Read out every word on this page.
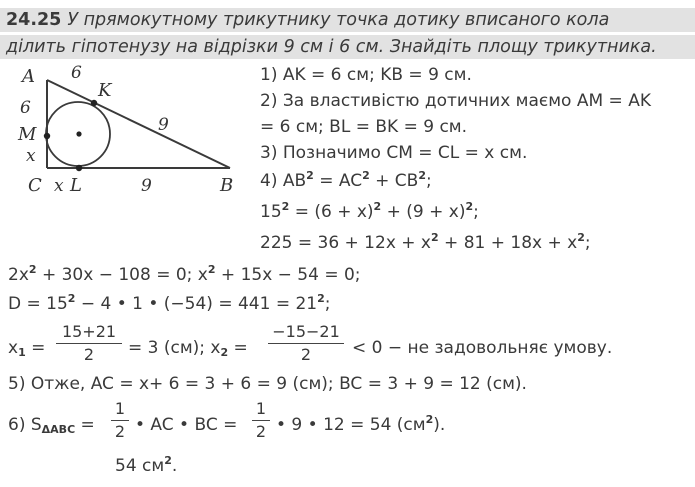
24.25 У прямокутному трикутнику точка дотику вписаного кола
ділить гіпотенузу на відрізки 9 см і 6 см. Знайдіть площу трикутника.
A 6
K
6
9
M
x
C x L	9	B
1) AK = 6 см; KB = 9 см.
2) За властивістю дотичних маємо AM = AK
= 6 см; BL = BK = 9 см.
3) Позначимо CM = CL = x см.
4) $AB^2 = AC^2 + CB^2$;
$15^2 = (6 + x)^2 + (9 + x)^2$;
$225 = 36 + 12x + x^2 + 81 + 18x + x^2$;
$2x^2 + 30x - 108 = 0$; $x^2 + 15x - 54 = 0$;
$D = 15^2 - 4$ • 1 • $(-54) = 441 = 21^2$;
$x_1$ =
15+21
2	= 3 (см); $x_2$ =
−15−21
2	< 0 − не задовольняє умову.
5) Отже, AC = x+ 6 = 3 + 6 = 9 (см); BC = 3 + 9 = 12 (см).
6) $S_{\Delta ABC}$ =
1
2 • AC • BC =
1
2 • 9 • 12 = 54 $(см^2)$.
54 $см^2$.
